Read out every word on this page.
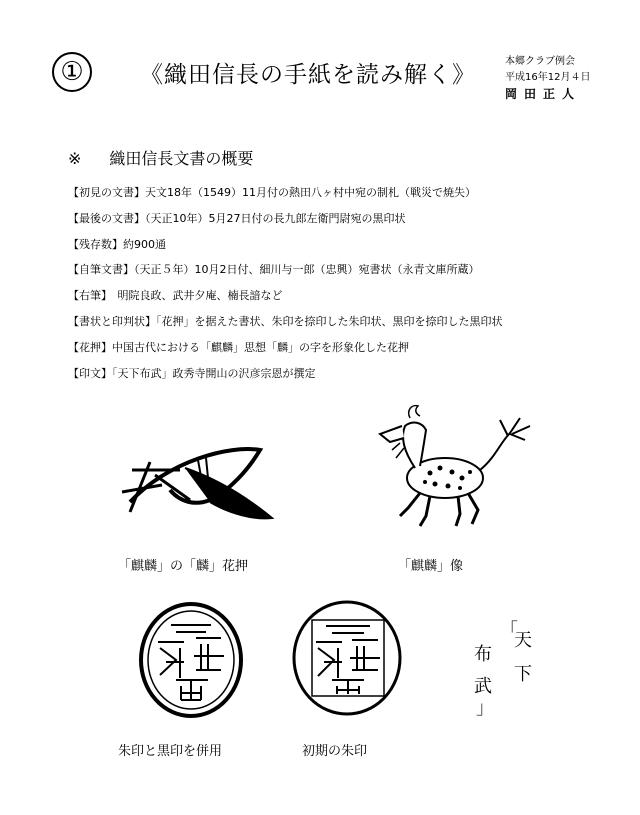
①	《織田信長の手紙を読み解く》
本郷クラブ例会
平成16年12月４日
岡田正人
※ 織田信長文書の概要
【初見の文書】天文18年（1549）11月付の熱田八ヶ村中宛の制札（戦災で焼失）
【最後の文書】（天正10年）5月27日付の長九郎左衛門尉宛の黒印状
【残存数】約900通
【自筆文書】（天正５年）10月2日付、細川与一郎（忠興）宛書状（永青文庫所蔵）
【右筆】　明院良政、武井夕庵、楠長諳など
【書状と印判状】「花押」を据えた書状、朱印を捺印した朱印状、黒印を捺印した黒印状
【花押】中国古代における「麒麟」思想「麟」の字を形象化した花押
【印文】「天下布武」政秀寺開山の沢彦宗恩が撰定
「麒麟」の「麟」花押	「麒麟」像
朱印と黒印を併用	初期の朱印
「
天
下
布
武
」
